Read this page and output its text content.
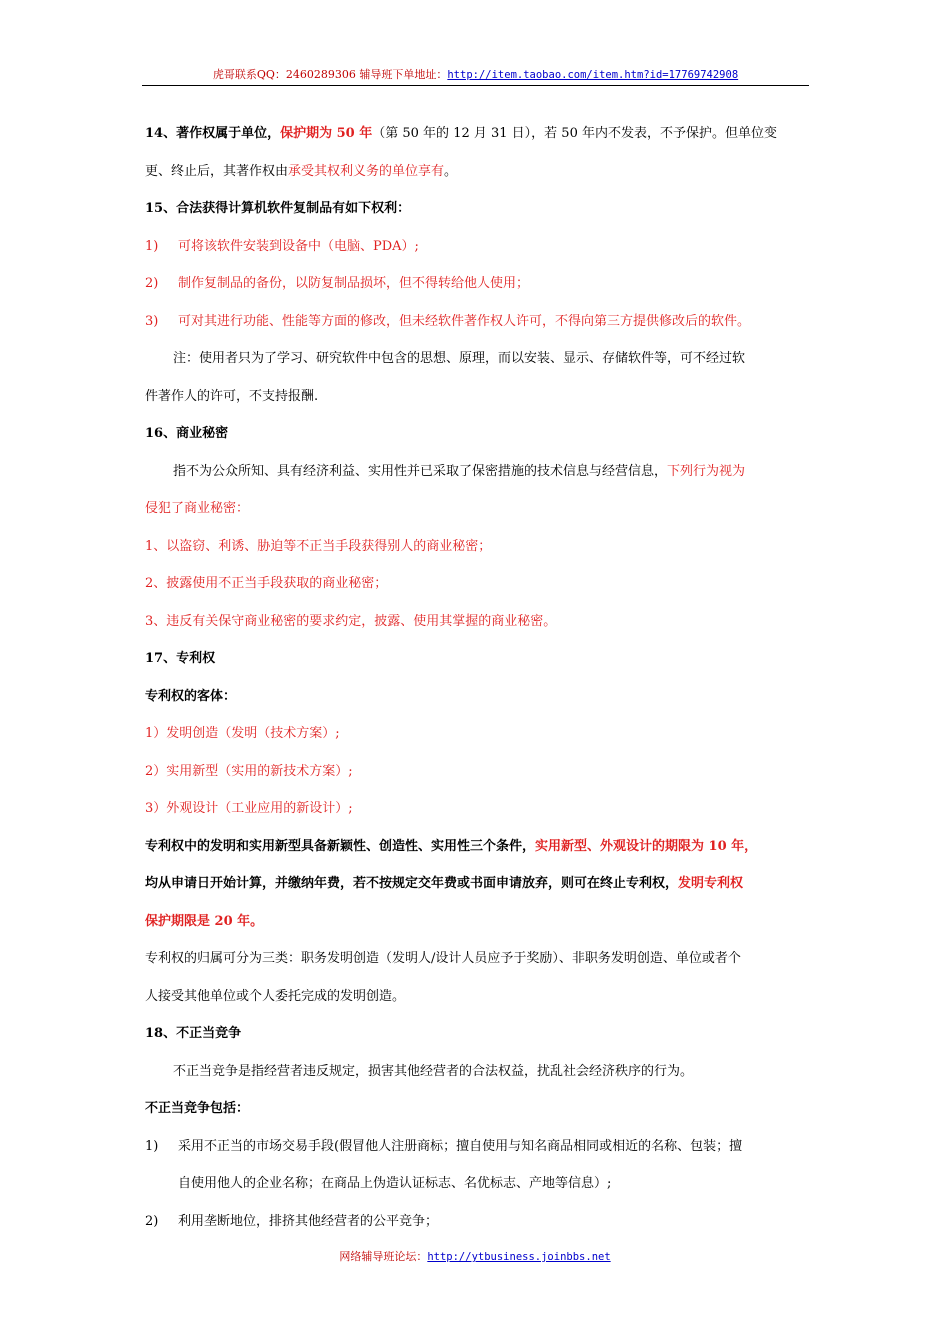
虎哥联系QQ：2460289306 辅导班下单地址：http://item.taobao.com/item.htm?id=17769742908
14、著作权属于单位，保护期为 50 年（第 50 年的 12 月 31 日），若 50 年内不发表，不予保护。但单位变
更、终止后，其著作权由承受其权利义务的单位享有。
15、合法获得计算机软件复制品有如下权利：
1) 可将该软件安装到设备中（电脑、PDA）;
2) 制作复制品的备份，以防复制品损坏，但不得转给他人使用；
3) 可对其进行功能、性能等方面的修改，但未经软件著作权人许可，不得向第三方提供修改后的软件。
注：使用者只为了学习、研究软件中包含的思想、原理，而以安装、显示、存储软件等，可不经过软
件著作人的许可，不支持报酬.
16、商业秘密
指不为公众所知、具有经济利益、实用性并已采取了保密措施的技术信息与经营信息，下列行为视为
侵犯了商业秘密：
1、以盗窃、利诱、胁迫等不正当手段获得别人的商业秘密；
2、披露使用不正当手段获取的商业秘密；
3、违反有关保守商业秘密的要求约定，披露、使用其掌握的商业秘密。
17、专利权
专利权的客体：
1）发明创造（发明（技术方案）;
2）实用新型（实用的新技术方案）;
3）外观设计（工业应用的新设计）;
专利权中的发明和实用新型具备新颖性、创造性、实用性三个条件，实用新型、外观设计的期限为 10 年，
均从申请日开始计算，并缴纳年费，若不按规定交年费或书面申请放弃，则可在终止专利权，发明专利权
保护期限是 20 年。
专利权的归属可分为三类：职务发明创造（发明人/设计人员应予于奖励）、非职务发明创造、单位或者个
人接受其他单位或个人委托完成的发明创造。
18、不正当竞争
不正当竞争是指经营者违反规定，损害其他经营者的合法权益，扰乱社会经济秩序的行为。
不正当竞争包括：
1) 采用不正当的市场交易手段(假冒他人注册商标；擅自使用与知名商品相同或相近的名称、包装；擅
自使用他人的企业名称；在商品上伪造认证标志、名优标志、产地等信息）;
2) 利用垄断地位，排挤其他经营者的公平竞争；
网络辅导班论坛：http://ytbusiness.joinbbs.net
